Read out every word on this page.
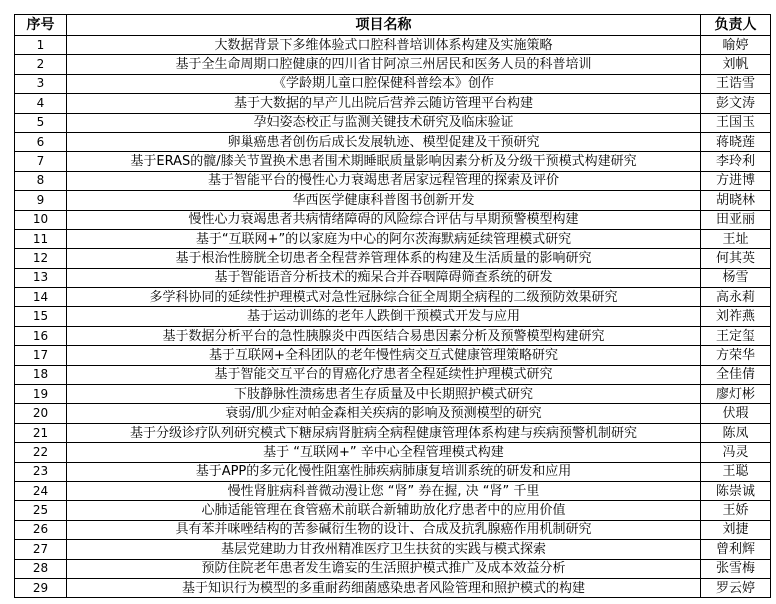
序号	项目名称	负责人
1	大数据背景下多维体验式口腔科普培训体系构建及实施策略	喻婷
2	基于全生命周期口腔健康的四川省甘阿凉三州居民和医务人员的科普培训	刘帆
3	《学龄期儿童口腔保健科普绘本》创作	王诰雪
4	基于大数据的早产儿出院后营养云随访管理平台构建	彭文涛
5	孕妇姿态校正与监测关键技术研究及临床验证	王国玉
6	卵巢癌患者创伤后成长发展轨迹、模型促建及干预研究	蒋晓莲
7	基于ERAS的髋/膝关节置换术患者围术期睡眠质量影响因素分析及分级干预模式构建研究	李玲利
8	基于智能平台的慢性心力衰竭患者居家远程管理的探索及评价	方进博
9	华西医学健康科普图书创新开发	胡晓林
10	慢性心力衰竭患者共病情绪障碍的风险综合评估与早期预警模型构建	田亚丽
11	基于“互联网+”的以家庭为中心的阿尔茨海默病延续管理模式研究	王址
12	基于根治性膀胱全切患者全程营养管理体系的构建及生活质量的影响研究	何其英
13	基于智能语音分析技术的痴呆合并吞咽障碍筛查系统的研发	杨雪
14	多学科协同的延续性护理模式对急性冠脉综合征全周期全病程的二级预防效果研究	高永莉
15	基于运动训练的老年人跌倒干预模式开发与应用	刘祚燕
16	基于数据分析平台的急性胰腺炎中西医结合易患因素分析及预警模型构建研究	王定玺
17	基于互联网+全科团队的老年慢性病交互式健康管理策略研究	方荣华
18	基于智能交互平台的胃癌化疗患者全程延续性护理模式研究	全佳倩
19	下肢静脉性溃疡患者生存质量及中长期照护模式研究	廖灯彬
20	衰弱/肌少症对帕金森相关疾病的影响及预测模型的研究	伏瑕
21	基于分级诊疗队列研究模式下糖尿病肾脏病全病程健康管理体系构建与疾病预警机制研究	陈凤
22	基于 “互联网+” 辛中心全程管理模式构建	冯灵
23	基于APP的多元化慢性阻塞性肺疾病肺康复培训系统的研发和应用	王聪
24	慢性肾脏病科普微动漫让您 “肾” 券在握, 决 “肾” 千里	陈崇诚
25	心肺适能管理在食管癌术前联合新辅助放化疗患者中的应用价值	王娇
26	具有苯并咪唑结构的苦参碱衍生物的设计、合成及抗乳腺癌作用机制研究	刘捷
27	基层党建助力甘孜州精准医疗卫生扶贫的实践与模式探索	曾利辉
28	预防住院老年患者发生谵妄的生活照护模式推广及成本效益分析	张雪梅
29	基于知识行为模型的多重耐药细菌感染患者风险管理和照护模式的构建	罗云婷
